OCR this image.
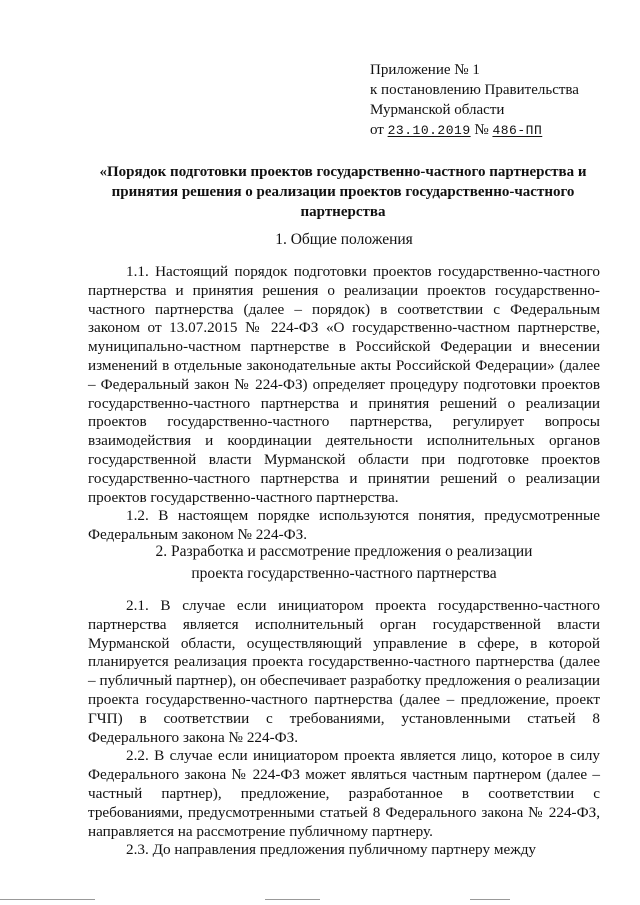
Приложение № 1
к постановлению Правительства
Мурманской области
от 23.10.2019 № 486-ПП
«Порядок подготовки проектов государственно-частного партнерства и принятия решения о реализации проектов государственно-частного партнерства
1. Общие положения

1.1. Настоящий порядок подготовки проектов государственно-частного партнерства и принятия решения о реализации проектов государственно-частного партнерства (далее – порядок) в соответствии с Федеральным законом от 13.07.2015 № 224-ФЗ «О государственно-частном партнерстве, муниципально-частном партнерстве в Российской Федерации и внесении изменений в отдельные законодательные акты Российской Федерации» (далее – Федеральный закон № 224-ФЗ) определяет процедуру подготовки проектов государственно-частного партнерства и принятия решений о реализации проектов государственно-частного партнерства, регулирует вопросы взаимодействия и координации деятельности исполнительных органов государственной власти Мурманской области при подготовке проектов государственно-частного партнерства и принятии решений о реализации проектов государственно-частного партнерства.

1.2. В настоящем порядке используются понятия, предусмотренные Федеральным законом № 224-ФЗ.

2. Разработка и рассмотрение предложения о реализации
проекта государственно-частного партнерства

2.1. В случае если инициатором проекта государственно-частного партнерства является исполнительный орган государственной власти Мурманской области, осуществляющий управление в сфере, в которой планируется реализация проекта государственно-частного партнерства (далее – публичный партнер), он обеспечивает разработку предложения о реализации проекта государственно-частного партнерства (далее – предложение, проект ГЧП) в соответствии с требованиями, установленными статьей 8 Федерального закона № 224-ФЗ.

2.2. В случае если инициатором проекта является лицо, которое в силу Федерального закона № 224-ФЗ может являться частным партнером (далее – частный партнер), предложение, разработанное в соответствии с требованиями, предусмотренными статьей 8 Федерального закона № 224-ФЗ, направляется на рассмотрение публичному партнеру.

2.3. До направления предложения публичному партнеру между
